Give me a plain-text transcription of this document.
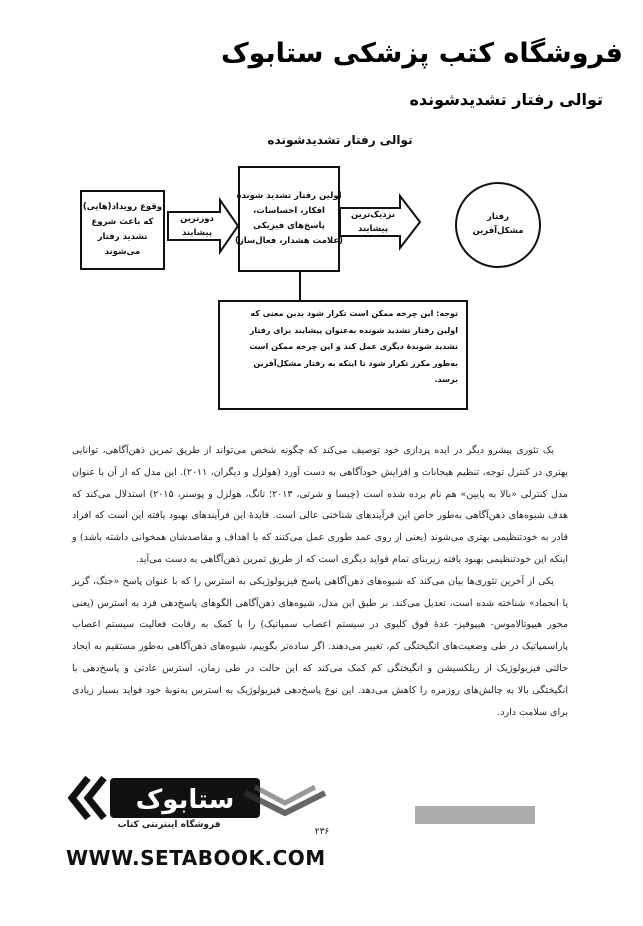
فروشگاه کتب پزشکی ستابوک
توالی رفتار تشدیدشونده
توالی رفتار تشدیدشونده
وقوع رویداد(هایی)
که باعث شروع
تشدید رفتار
می‌شوند
دورترین
پیشایند
اولین رفتار تشدید شونده
افکار، احساسات،
پاسخ‌های فیزیکی
(علامت هشدار، فعال‌ساز)
نزدیک‌ترین
پیشایند
رفتار
مشکل‌آفرین
توجه: این چرخه ممکن است تکرار شود بدین معنی که
اولین رفتار تشدید شونده به‌عنوان پیشایند برای رفتار
تشدید شوندهٔ دیگری عمل کند و این چرخه ممکن است
به‌طور مکرر تکرار شود تا اینکه به رفتار مشکل‌آفرین
برسد.

یک تئوری پیشرو دیگر در ایده پردازی خود توصیف می‌کند که چگونه شخص می‌تواند از طریق تمرین ذهن‌آگاهی، توانایی بهتری در کنترل توجه، تنظیم هیجانات و افزایش خودآگاهی به دست آورد (هولزل و دیگران، ۲۰۱۱). این مدل که از آن با عنوان مدل کنترلی «بالا به پایین» هم نام برده شده است (چیسا و شرتی، ۲۰۱۳؛ تانگ، هولزل و پوسنر، ۲۰۱۵) استدلال می‌کند که هدف شیوه‌های ذهن‌آگاهی به‌طور خاص این فرآیندهای شناختی عالی است. فایدهٔ این فرآیندهای بهبود یافته این است که افراد قادر به خودتنظیمی بهتری می‌شوند (یعنی از روی عمد طوری عمل می‌کنند که با اهداف و مقاصدشان همخوانی داشته باشد) و اینکه این خودتنظیمی بهبود یافته زیربنای تمام فواید دیگری است که از طریق تمرین ذهن‌آگاهی به دست می‌آید.

یکی از آخرین تئوری‌ها بیان می‌کند که شیوه‌های ذهن‌آگاهی پاسخ فیزیولوژیکی به استرس را که با عنوان پاسخ «جنگ، گریز یا انجماد» شناخته شده است، تعدیل می‌کند. بر طبق این مدل، شیوه‌های ذهن‌آگاهی الگوهای پاسخ‌دهی فرد به استرس (یعنی محور هیپوتالاموس- هیپوفیز- غدهٔ فوق کلیوی در سیستم اعصاب سمپاتیک) را با کمک به رقابت فعالیت سیستم اعصاب پاراسمپاتیک در طی وضعیت‌های انگیختگی کم، تغییر می‌دهند. اگر ساده‌تر بگوییم، شیوه‌های ذهن‌آگاهی به‌طور مستقیم به ایجاد حالتی فیزیولوژیک از ریلکسیشن و انگیختگی کم کمک می‌کند که این حالت در طی زمان، استرس عادتی و پاسخ‌دهی با انگیختگی بالا به چالش‌های روزمره را کاهش می‌دهد. این نوع پاسخ‌دهی فیزیولوژیک به استرس به‌نوبهٔ خود فواید بسیار زیادی برای سلامت دارد.

۲۳۶
ستابوک
فروشگاه اینترنتی کتاب
WWW.SETABOOK.COM
